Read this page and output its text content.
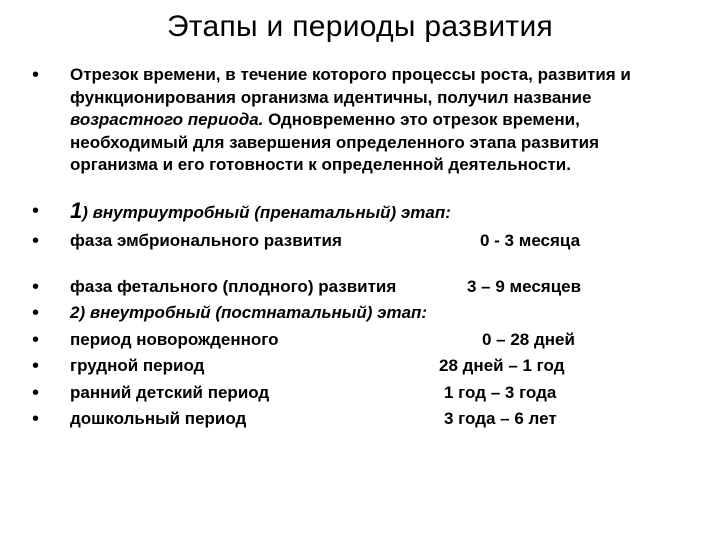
Этапы и периоды развития
• Отрезок времени, в течение которого процессы роста, развития и функционирования организма идентичны, получил название возрастного периода. Одновременно это отрезок времени, необходимый для завершения определенного этапа развития организма и его готовности к определенной деятельности.
• 1) внутриутробный (пренатальный) этап:
• фаза эмбрионального развития	0 - 3 месяца
• фаза фетального (плодного) развития	3 – 9 месяцев
• 2) внеутробный (постнатальный) этап:
• период новорожденного	0 – 28 дней
• грудной период	28 дней – 1 год
• ранний детский период	1 год – 3 года
• дошкольный период	3 года – 6 лет
